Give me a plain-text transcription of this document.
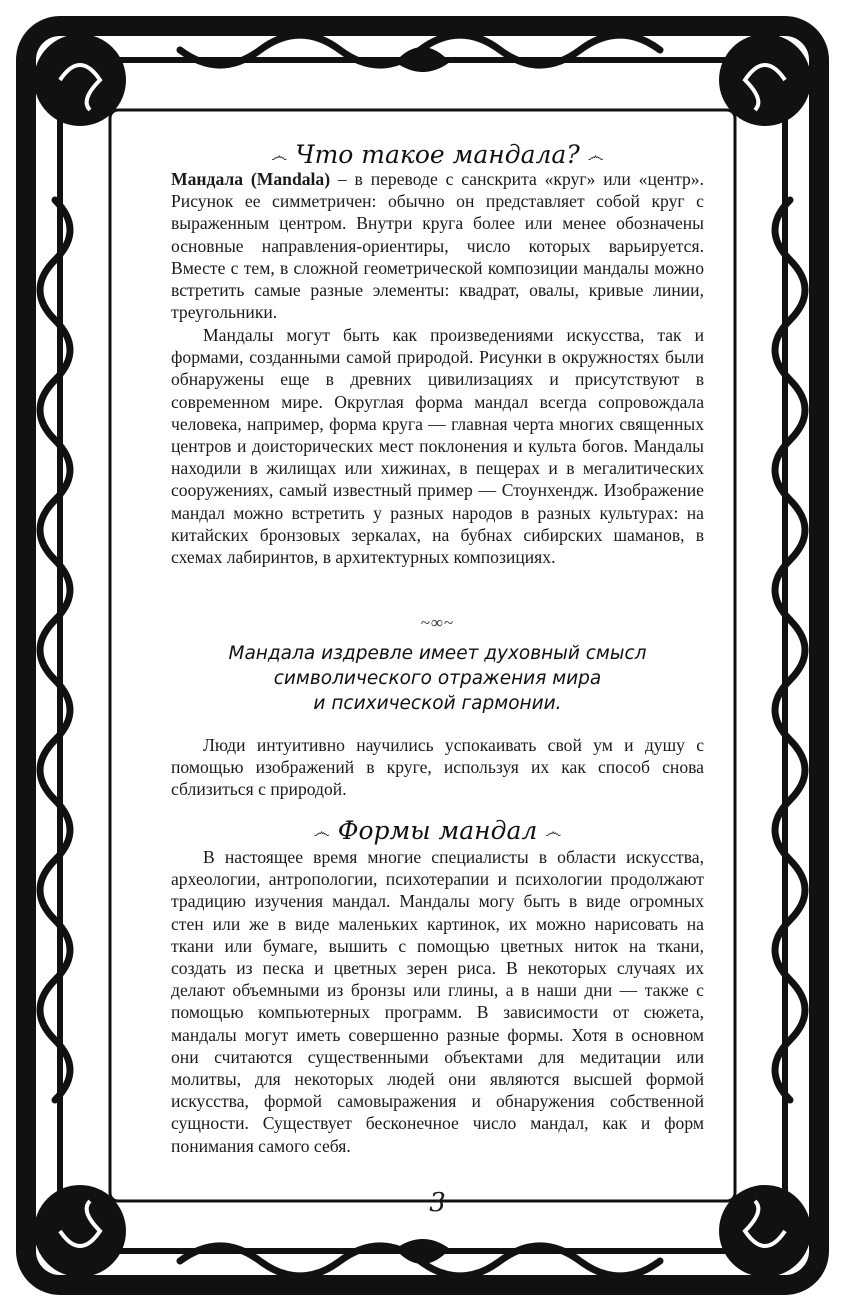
෴ Что такое мандала? ෴

Мандала (Mandala) – в переводе с санскрита «круг» или «центр». Рисунок ее симметричен: обычно он представляет собой круг с выраженным центром. Внутри круга более или менее обозначены основные направления-ориентиры, число которых варьируется. Вместе с тем, в сложной геометрической композиции мандалы можно встретить самые разные элементы: квадрат, овалы, кривые линии, треугольники.

Мандалы могут быть как произведениями искусства, так и формами, созданными самой природой. Рисунки в окружностях были обнаружены еще в древних цивилизациях и присутствуют в современном мире. Округлая форма мандал всегда сопровождала человека, например, форма круга — главная черта многих священных центров и доисторических мест поклонения и культа богов. Мандалы находили в жилищах или хижинах, в пещерах и в мегалитических сооружениях, самый известный пример — Стоунхендж. Изображение мандал можно встретить у разных народов в разных культурах: на китайских бронзовых зеркалах, на бубнах сибирских шаманов, в схемах лабиринтов, в архитектурных композициях.

~∞~
Мандала издревле имеет духовный смысл
символического отражения мира
и психической гармонии.

Люди интуитивно научились успокаивать свой ум и душу с помощью изображений в круге, используя их как способ снова сблизиться с природой.

෴ Формы мандал ෴

В настоящее время многие специалисты в области искусства, археологии, антропологии, психотерапии и психологии продолжают традицию изучения мандал. Мандалы могу быть в виде огромных стен или же в виде маленьких картинок, их можно нарисовать на ткани или бумаге, вышить с помощью цветных ниток на ткани, создать из песка и цветных зерен риса. В некоторых случаях их делают объемными из бронзы или глины, а в наши дни — также с помощью компьютерных программ. В зависимости от сюжета, мандалы могут иметь совершенно разные формы. Хотя в основном они считаются существенными объектами для медитации или молитвы, для некоторых людей они являются высшей формой искусства, формой самовыражения и обнаружения собственной сущности. Существует бесконечное число мандал, как и форм понимания самого себя.

3
